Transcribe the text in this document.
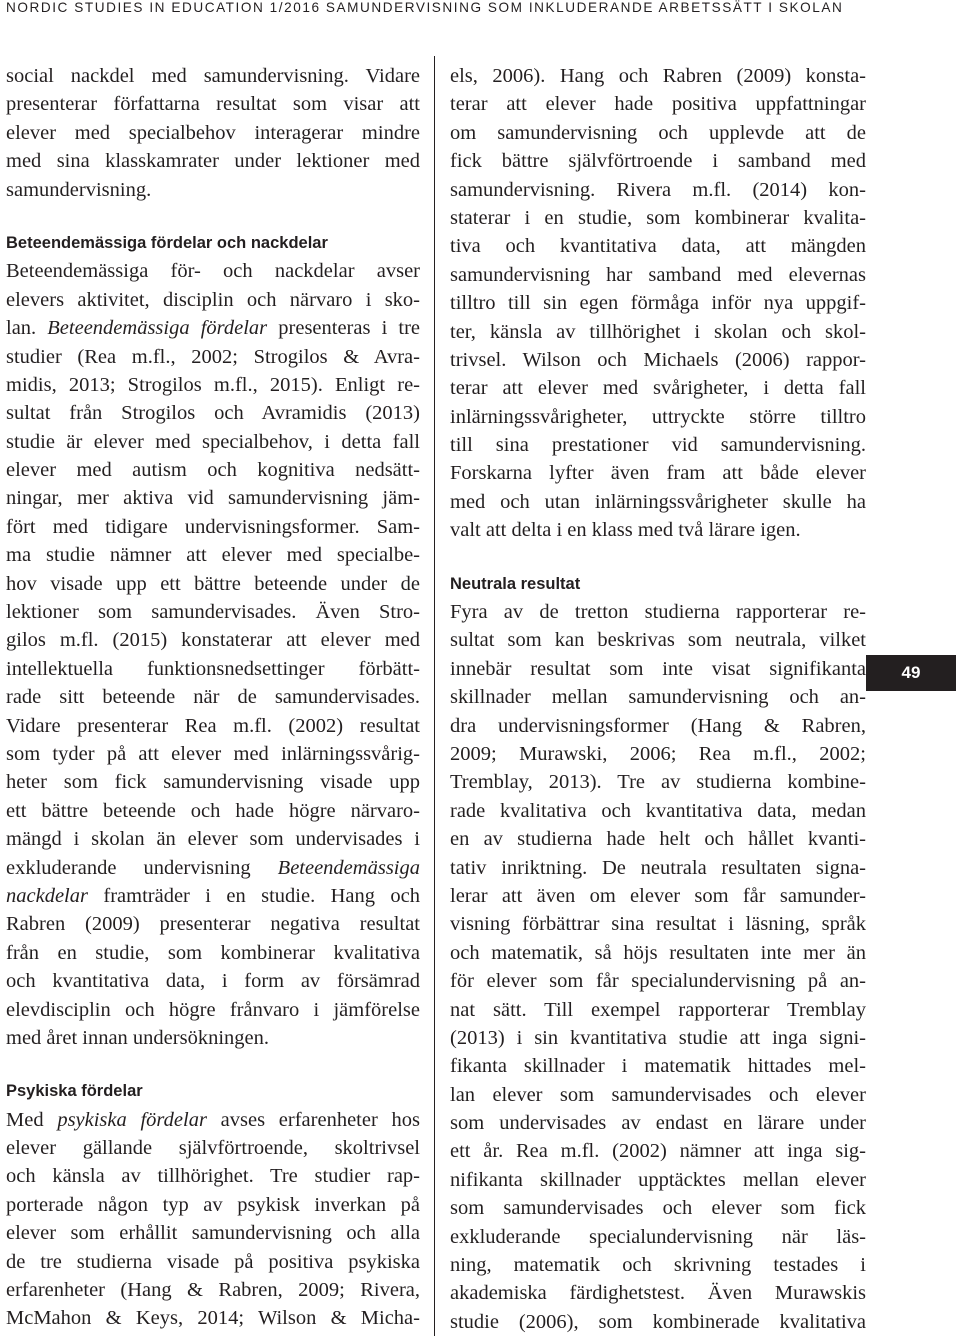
NORDIC STUDIES IN EDUCATION 1/2016 SAMUNDERVISNING SOM INKLUDERANDE ARBETSSÄTT I SKOLAN
social nackdel med samundervisning. Vidare
presenterar författarna resultat som visar att
elever med specialbehov interagerar mindre
med sina klasskamrater under lektioner med
samundervisning.
Beteendemässiga fördelar och nackdelar
Beteendemässiga för- och nackdelar avser
elevers aktivitet, disciplin och närvaro i sko-
lan. Beteendemässiga fördelar presenteras i tre
studier (Rea m.fl., 2002; Strogilos & Avra-
midis, 2013; Strogilos m.fl., 2015). Enligt re-
sultat från Strogilos och Avramidis (2013)
studie är elever med specialbehov, i detta fall
elever med autism och kognitiva nedsätt-
ningar, mer aktiva vid samundervisning jäm-
fört med tidigare undervisningsformer. Sam-
ma studie nämner att elever med specialbe-
hov visade upp ett bättre beteende under de
lektioner som samundervisades. Även Stro-
gilos m.fl. (2015) konstaterar att elever med
intellektuella funktionsnedsettinger förbätt-
rade sitt beteende när de samundervisades.
Vidare presenterar Rea m.fl. (2002) resultat
som tyder på att elever med inlärningssvårig-
heter som fick samundervisning visade upp
ett bättre beteende och hade högre närvaro-
mängd i skolan än elever som undervisades i
exkluderande undervisning Beteendemässiga
nackdelar framträder i en studie. Hang och
Rabren (2009) presenterar negativa resultat
från en studie, som kombinerar kvalitativa
och kvantitativa data, i form av försämrad
elevdisciplin och högre frånvaro i jämförelse
med året innan undersökningen.
Psykiska fördelar
Med psykiska fördelar avses erfarenheter hos
elever gällande självförtroende, skoltrivsel
och känsla av tillhörighet. Tre studier rap-
porterade någon typ av psykisk inverkan på
elever som erhållit samundervisning och alla
de tre studierna visade på positiva psykiska
erfarenheter (Hang & Rabren, 2009; Rivera,
McMahon & Keys, 2014; Wilson & Micha-
els, 2006). Hang och Rabren (2009) konsta-
terar att elever hade positiva uppfattningar
om samundervisning och upplevde att de
fick bättre självförtroende i samband med
samundervisning. Rivera m.fl. (2014) kon-
staterar i en studie, som kombinerar kvalita-
tiva och kvantitativa data, att mängden
samundervisning har samband med elevernas
tilltro till sin egen förmåga inför nya uppgif-
ter, känsla av tillhörighet i skolan och skol-
trivsel. Wilson och Michaels (2006) rappor-
terar att elever med svårigheter, i detta fall
inlärningssvårigheter, uttryckte större tilltro
till sina prestationer vid samundervisning.
Forskarna lyfter även fram att både elever
med och utan inlärningssvårigheter skulle ha
valt att delta i en klass med två lärare igen.
Neutrala resultat
Fyra av de tretton studierna rapporterar re-
sultat som kan beskrivas som neutrala, vilket
innebär resultat som inte visat signifikanta
skillnader mellan samundervisning och an-
dra undervisningsformer (Hang & Rabren,
2009; Murawski, 2006; Rea m.fl., 2002;
Tremblay, 2013). Tre av studierna kombine-
rade kvalitativa och kvantitativa data, medan
en av studierna hade helt och hållet kvanti-
tativ inriktning. De neutrala resultaten signa-
lerar att även om elever som får samunder-
visning förbättrar sina resultat i läsning, språk
och matematik, så höjs resultaten inte mer än
för elever som får specialundervisning på an-
nat sätt. Till exempel rapporterar Tremblay
(2013) i sin kvantitativa studie att inga signi-
fikanta skillnader i matematik hittades mel-
lan elever som samundervisades och elever
som undervisades av endast en lärare under
ett år. Rea m.fl. (2002) nämner att inga sig-
nifikanta skillnader upptäcktes mellan elever
som samundervisades och elever som fick
exkluderande specialundervisning när läs-
ning, matematik och skrivning testades i
akademiska färdighetstest. Även Murawskis
studie (2006), som kombinerade kvalitativa
49
